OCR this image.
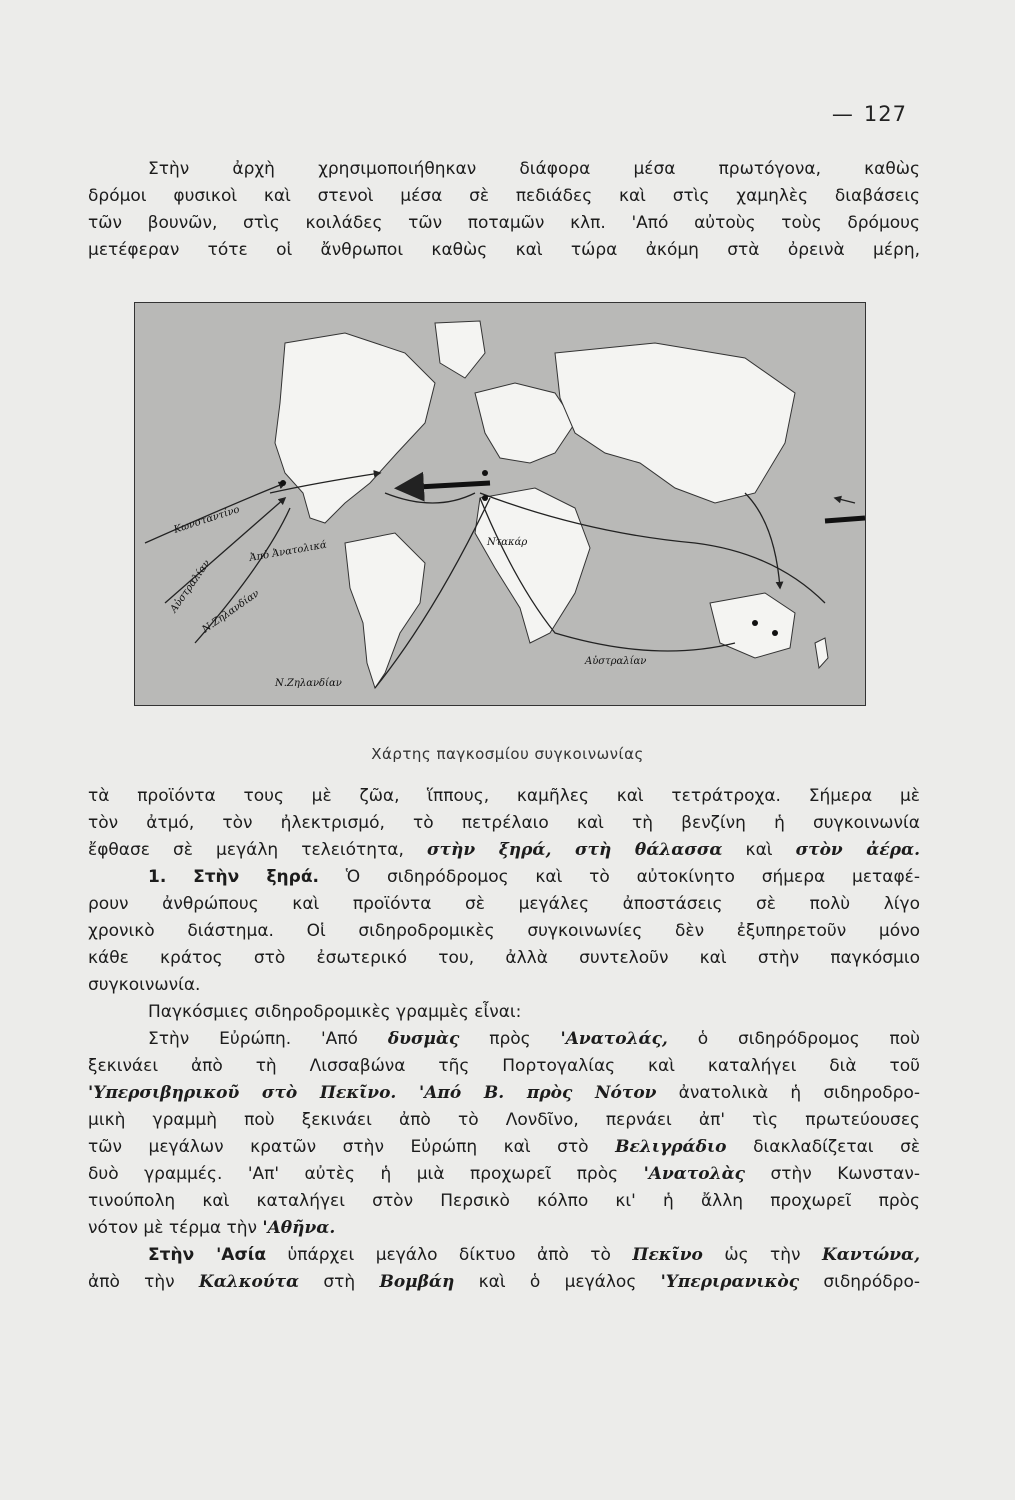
— 127
Στὴν ἀρχὴ χρησιμοποιήθηκαν διάφορα μέσα πρωτόγονα, καθὼς
δρόμοι φυσικοὶ καὶ στενοὶ μέσα σὲ πεδιάδες καὶ στὶς χαμηλὲς διαβάσεις
τῶν βουνῶν, στὶς κοιλάδες τῶν ποταμῶν κλπ. 'Από αὐτοὺς τοὺς δρόμους
μετέφεραν τότε οἱ ἄνθρωποι καθὼς καὶ τώρα ἀκόμη στὰ ὀρεινὰ μέρη,
Ντακάρ
Αὐστραλίαν
Ν.Ζηλανδίαν
Ν.Ζηλανδίαν
Αὐστραλίαν
Ἀπὸ Ἀνατολικά
Κωνσταντίνο
Χάρτης παγκοσμίου συγκοινωνίας
τὰ προϊόντα τους μὲ ζῶα, ἵππους, καμῆλες καὶ τετράτροχα. Σήμερα μὲ
τὸν ἀτμό, τὸν ἠλεκτρισμό, τὸ πετρέλαιο καὶ τὴ βενζίνη ἡ συγκοινωνία
ἔφθασε σὲ μεγάλη τελειότητα, στὴν ξηρά, στὴ θάλασσα καὶ στὸν ἀέρα.
1. Στὴν ξηρά. Ὁ σιδηρόδρομος καὶ τὸ αὐτοκίνητο σήμερα μεταφέ-
ρουν ἀνθρώπους καὶ προϊόντα σὲ μεγάλες ἀποστάσεις σὲ πολὺ λίγο
χρονικὸ διάστημα. Οἱ σιδηροδρομικὲς συγκοινωνίες δὲν ἐξυπηρετοῦν μόνο
κάθε κράτος στὸ ἐσωτερικό του, ἀλλὰ συντελοῦν καὶ στὴν παγκόσμιο
συγκοινωνία.
Παγκόσμιες σιδηροδρομικὲς γραμμὲς εἶναι:
Στὴν Εὐρώπη. 'Από δυσμὰς πρὸς 'Ανατολάς, ὁ σιδηρόδρομος ποὺ
ξεκινάει ἀπὸ τὴ Λισσαβώνα τῆς Πορτογαλίας καὶ καταλήγει διὰ τοῦ
'Υπερσιβηρικοῦ στὸ Πεκῖνο. 'Από Β. πρὸς Νότον ἀνατολικὰ ἡ σιδηροδρο-
μικὴ γραμμὴ ποὺ ξεκινάει ἀπὸ τὸ Λονδῖνο, περνάει ἀπ' τὶς πρωτεύουσες
τῶν μεγάλων κρατῶν στὴν Εὐρώπη καὶ στὸ Βελιγράδιο διακλαδίζεται σὲ
δυὸ γραμμές. 'Απ' αὐτὲς ἡ μιὰ προχωρεῖ πρὸς 'Ανατολὰς στὴν Κωνσταν-
τινούπολη καὶ καταλήγει στὸν Περσικὸ κόλπο κι' ἡ ἄλλη προχωρεῖ πρὸς
νότον μὲ τέρμα τὴν 'Αθῆνα.
Στὴν 'Ασία ὑπάρχει μεγάλο δίκτυο ἀπὸ τὸ Πεκῖνο ὡς τὴν Καντώνα,
ἀπὸ τὴν Καλκούτα στὴ Βομβάη καὶ ὁ μεγάλος 'Υπεριρανικὸς σιδηρόδρο-
